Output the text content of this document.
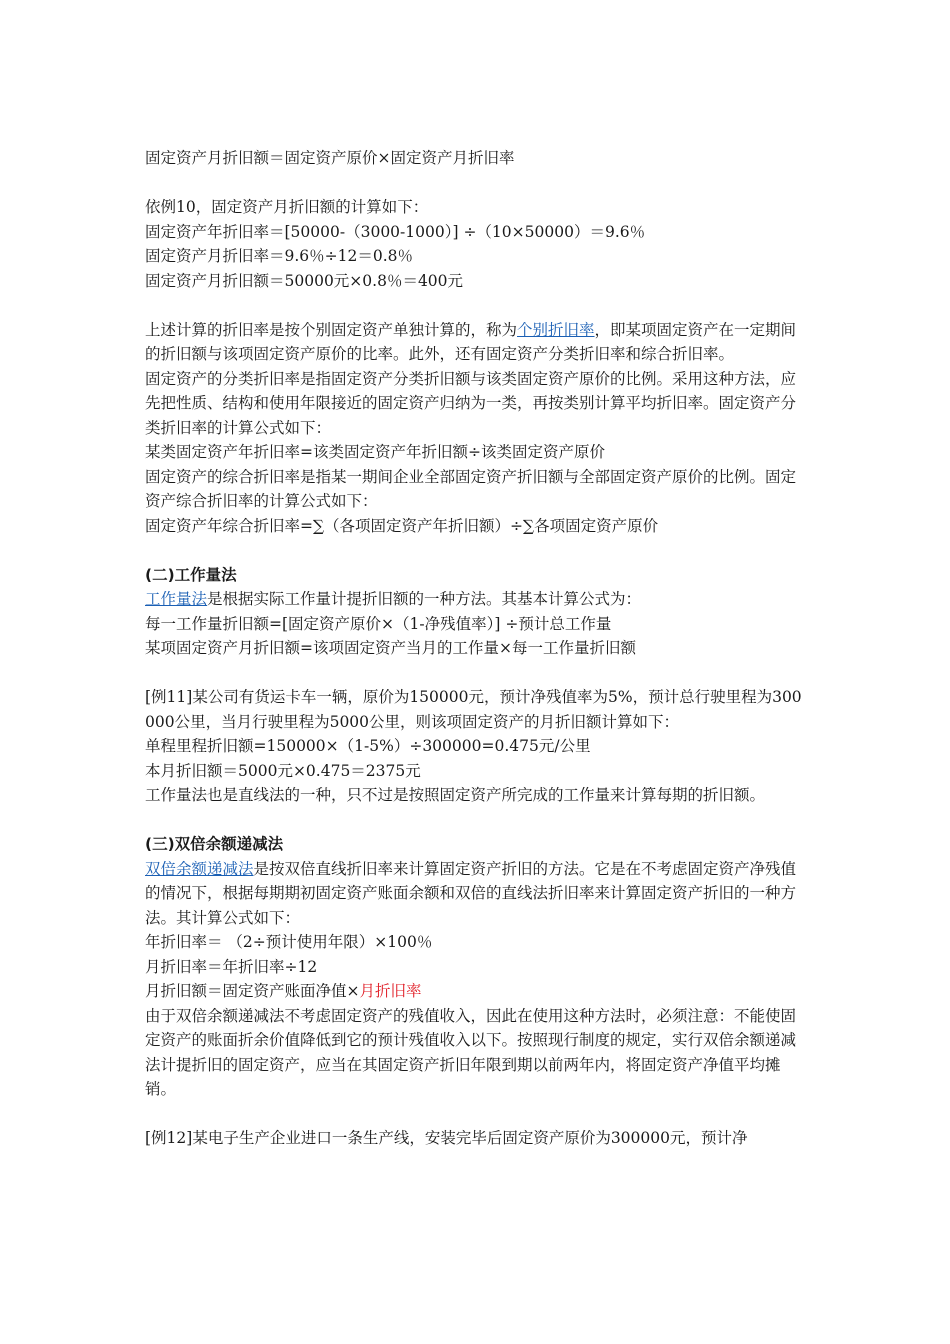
固定资产月折旧额＝固定资产原价×固定资产月折旧率
依例10，固定资产月折旧额的计算如下：
固定资产年折旧率＝[50000-（3000-1000）] ÷（10×50000）＝9.6％
固定资产月折旧率＝9.6％÷12＝0.8％
固定资产月折旧额＝50000元×0.8％＝400元
上述计算的折旧率是按个别固定资产单独计算的，称为个别折旧率，即某项固定资产在一定期间的折旧额与该项固定资产原价的比率。此外，还有固定资产分类折旧率和综合折旧率。
固定资产的分类折旧率是指固定资产分类折旧额与该类固定资产原价的比例。采用这种方法，应先把性质、结构和使用年限接近的固定资产归纳为一类，再按类别计算平均折旧率。固定资产分类折旧率的计算公式如下：
某类固定资产年折旧率=该类固定资产年折旧额÷该类固定资产原价
固定资产的综合折旧率是指某一期间企业全部固定资产折旧额与全部固定资产原价的比例。固定资产综合折旧率的计算公式如下：
固定资产年综合折旧率=∑（各项固定资产年折旧额）÷∑各项固定资产原价
(二)工作量法
工作量法是根据实际工作量计提折旧额的一种方法。其基本计算公式为：
每一工作量折旧额=[固定资产原价×（1-净残值率）] ÷预计总工作量
某项固定资产月折旧额=该项固定资产当月的工作量×每一工作量折旧额
[例11]某公司有货运卡车一辆，原价为150000元，预计净残值率为5%，预计总行驶里程为300000公里，当月行驶里程为5000公里，则该项固定资产的月折旧额计算如下：
单程里程折旧额=150000×（1-5%）÷300000=0.475元/公里
本月折旧额＝5000元×0.475＝2375元
工作量法也是直线法的一种，只不过是按照固定资产所完成的工作量来计算每期的折旧额。
(三)双倍余额递减法
双倍余额递减法是按双倍直线折旧率来计算固定资产折旧的方法。它是在不考虑固定资产净残值的情况下，根据每期期初固定资产账面余额和双倍的直线法折旧率来计算固定资产折旧的一种方法。其计算公式如下：
年折旧率＝ （2÷预计使用年限）×100％
月折旧率＝年折旧率÷12
月折旧额＝固定资产账面净值×月折旧率
由于双倍余额递减法不考虑固定资产的残值收入，因此在使用这种方法时，必须注意：不能使固定资产的账面折余价值降低到它的预计残值收入以下。按照现行制度的规定，实行双倍余额递减法计提折旧的固定资产，应当在其固定资产折旧年限到期以前两年内，将固定资产净值平均摊销。
[例12]某电子生产企业进口一条生产线，安装完毕后固定资产原价为300000元，预计净
